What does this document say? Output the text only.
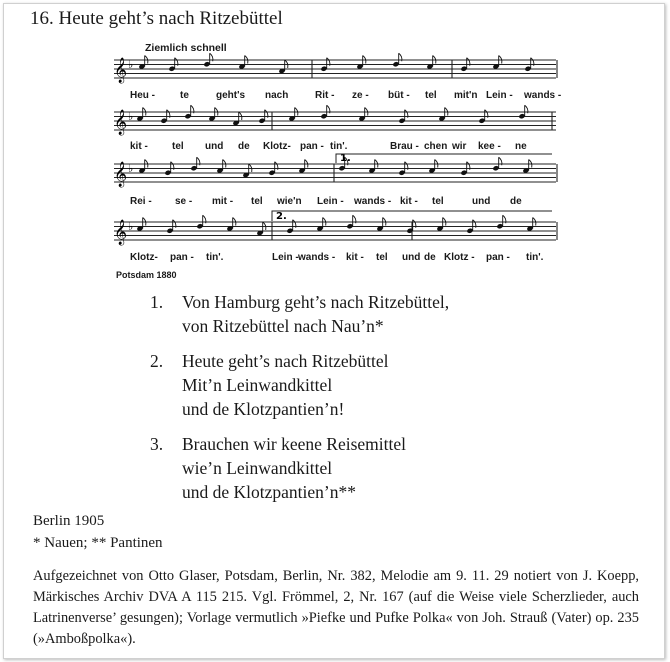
16. Heute geht’s nach Ritzebüttel
Ziemlich schnell
𝄞 ♭
Heu -	te	geht's nach	Rit - ze - büt - tel mit'n Lein - wands -
𝄞 ♭
kit - tel und de Klotz- pan - tin'.	Brau - chen wir kee - ne
1.
𝄞 ♭
Rei - se - mit - tel wie'n Lein - wands - kit - tel	und de
2.
𝄞 ♭
Klotz- pan - tin'.	Lein - wands - kit - tel und de Klotz - pan - tin'.
Potsdam 1880
1. Von Hamburg geht’s nach Ritzebüttel,
von Ritzebüttel nach Nau’n*
2. Heute geht’s nach Ritzebüttel
Mit’n Leinwandkittel
und de Klotzpantien’n!
3. Brauchen wir keene Reisemittel
wie’n Leinwandkittel
und de Klotzpantien’n**
Berlin 1905
* Nauen; ** Pantinen
Aufgezeichnet von Otto Glaser, Potsdam, Berlin, Nr. 382, Melodie am 9. 11. 29 notiert von J. Koepp, Märkisches Archiv DVA A 115 215. Vgl. Frömmel, 2, Nr. 167 (auf die Weise viele Scherzlieder, auch Latrinenverse’ gesungen); Vorlage vermutlich »Piefke und Pufke Polka« von Joh. Strauß (Vater) op. 235 (»Amboßpolka«).
